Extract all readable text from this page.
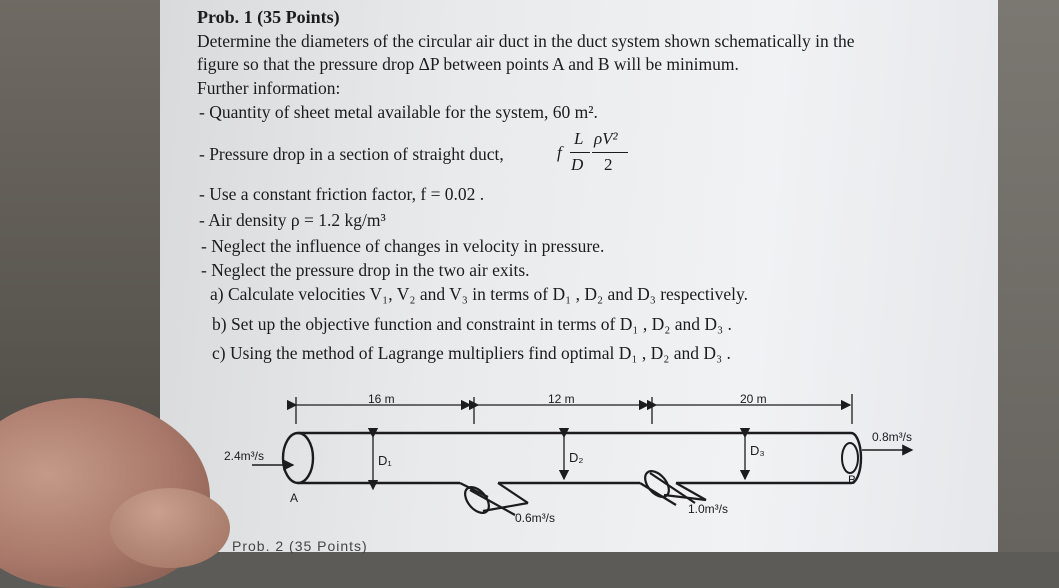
Prob. 1 (35 Points)
Determine the diameters of the circular air duct in the duct system shown schematically in the
figure so that the pressure drop ΔP between points A and B will be minimum.
Further information:
- Quantity of sheet metal available for the system, 60 m².
- Pressure drop in a section of straight duct,	f
L
D
ρV²
2
- Use a constant friction factor, f = 0.02 .
- Air density ρ = 1.2 kg/m³
- Neglect the influence of changes in velocity in pressure.
- Neglect the pressure drop in the two air exits.
a) Calculate velocities V₁, V₂ and V₃ in terms of D₁ , D₂ and D₃ respectively.
b) Set up the objective function and constraint in terms of D₁ , D₂ and D₃ .
c) Using the method of Lagrange multipliers find optimal D₁ , D₂ and D₃ .
16 m	12 m	20 m
D₁	D₂	D₃
2.4m³/s
0.8m³/s
0.6m³/s
1.0m³/s
A
B
Prob. 2 (35 Points)
